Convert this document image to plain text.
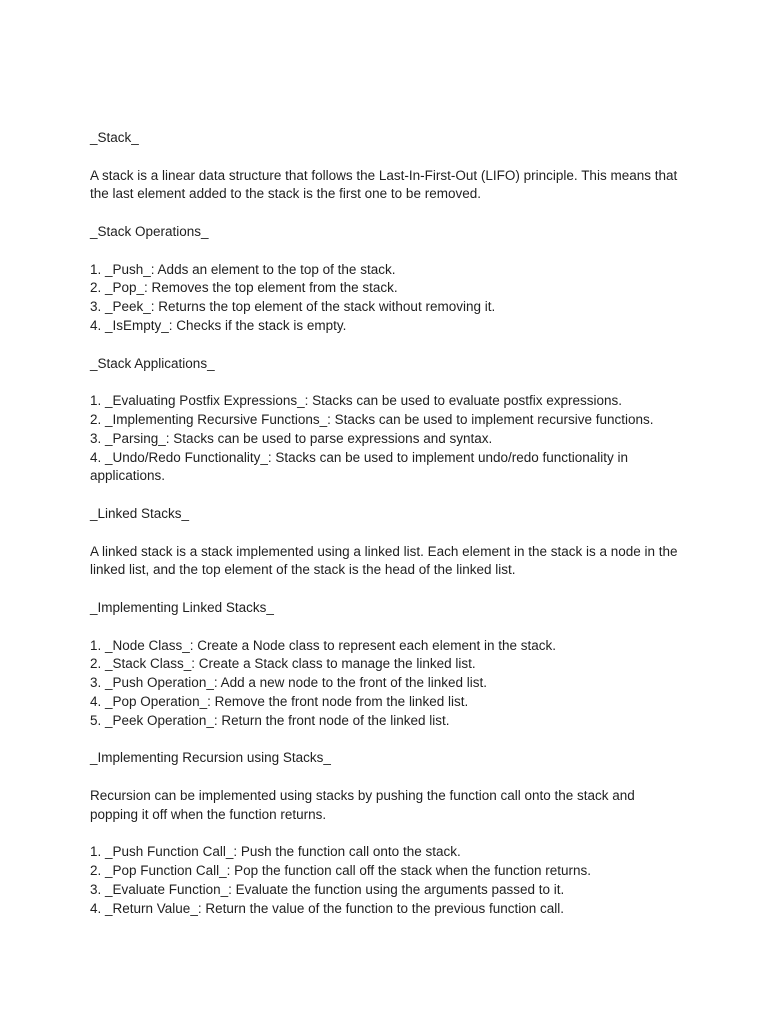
_Stack_

A stack is a linear data structure that follows the Last-In-First-Out (LIFO) principle. This means that the last element added to the stack is the first one to be removed.

_Stack Operations_

1. _Push_: Adds an element to the top of the stack.
2. _Pop_: Removes the top element from the stack.
3. _Peek_: Returns the top element of the stack without removing it.
4. _IsEmpty_: Checks if the stack is empty.

_Stack Applications_

1. _Evaluating Postfix Expressions_: Stacks can be used to evaluate postfix expressions.
2. _Implementing Recursive Functions_: Stacks can be used to implement recursive functions.
3. _Parsing_: Stacks can be used to parse expressions and syntax.
4. _Undo/Redo Functionality_: Stacks can be used to implement undo/redo functionality in applications.

_Linked Stacks_

A linked stack is a stack implemented using a linked list. Each element in the stack is a node in the linked list, and the top element of the stack is the head of the linked list.

_Implementing Linked Stacks_

1. _Node Class_: Create a Node class to represent each element in the stack.
2. _Stack Class_: Create a Stack class to manage the linked list.
3. _Push Operation_: Add a new node to the front of the linked list.
4. _Pop Operation_: Remove the front node from the linked list.
5. _Peek Operation_: Return the front node of the linked list.

_Implementing Recursion using Stacks_

Recursion can be implemented using stacks by pushing the function call onto the stack and popping it off when the function returns.

1. _Push Function Call_: Push the function call onto the stack.
2. _Pop Function Call_: Pop the function call off the stack when the function returns.
3. _Evaluate Function_: Evaluate the function using the arguments passed to it.
4. _Return Value_: Return the value of the function to the previous function call.
